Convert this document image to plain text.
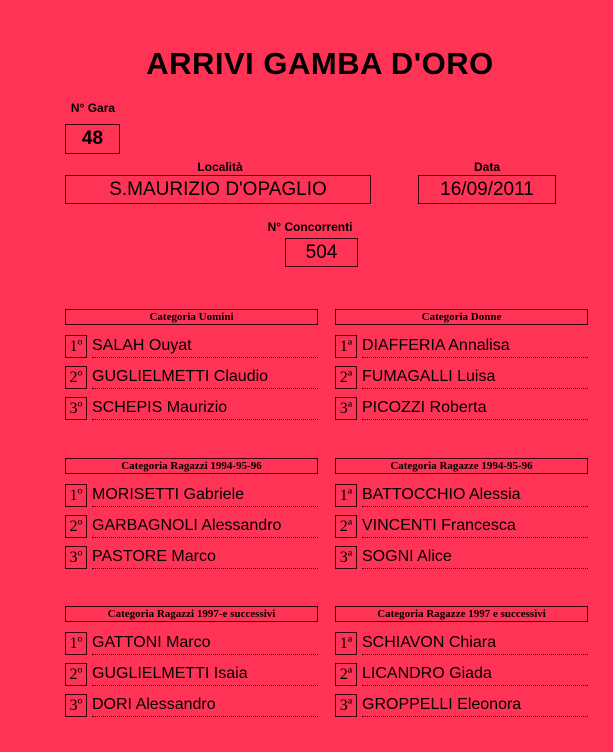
ARRIVI GAMBA D'ORO
N° Gara
48
Località
S.MAURIZIO D'OPAGLIO
Data
16/09/2011
N° Concorrenti
504
Categoria Uomini
1º SALAH Ouyat
2º GUGLIELMETTI Claudio
3º SCHEPIS Maurizio
Categoria Donne
1ª DIAFFERIA Annalisa
2ª FUMAGALLI Luisa
3ª PICOZZI Roberta
Categoria Ragazzi 1994-95-96
1º MORISETTI Gabriele
2º GARBAGNOLI Alessandro
3º PASTORE Marco
Categoria Ragazze 1994-95-96
1ª BATTOCCHIO Alessia
2ª VINCENTI Francesca
3ª SOGNI Alice
Categoria Ragazzi 1997-e successivi
1º GATTONI Marco
2º GUGLIELMETTI Isaia
3º DORI Alessandro
Categoria Ragazze 1997 e successivi
1ª SCHIAVON Chiara
2ª LICANDRO Giada
3ª GROPPELLI Eleonora
